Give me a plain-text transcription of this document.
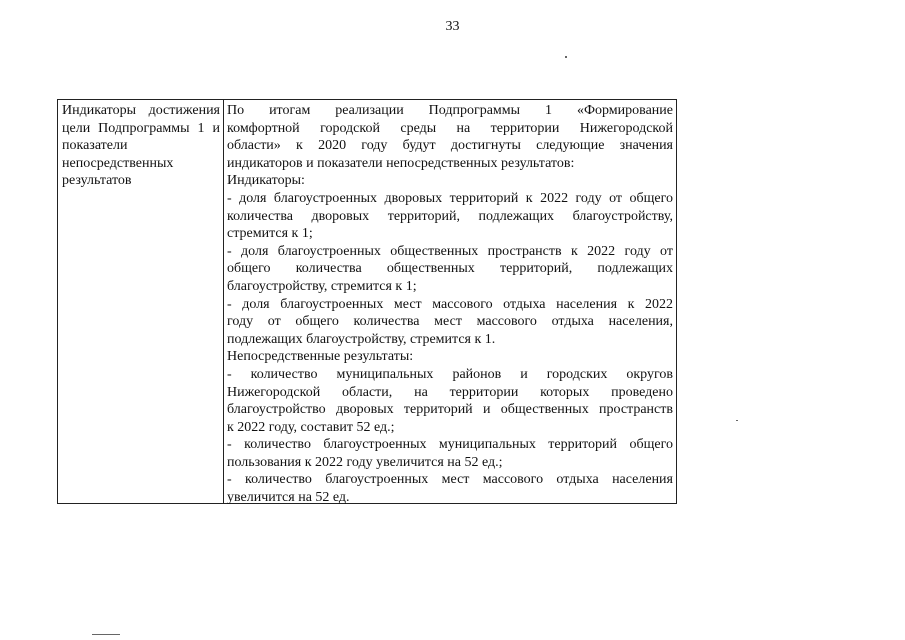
33
Индикаторы достижения
цели Подпрограммы 1 и
показатели
непосредственных
результатов
По итогам реализации Подпрограммы 1 «Формирование
комфортной городской среды на территории Нижегородской
области» к 2020 году будут достигнуты следующие значения
индикаторов и показатели непосредственных результатов:
Индикаторы:
- доля благоустроенных дворовых территорий к 2022 году от общего
количества дворовых территорий, подлежащих благоустройству,
стремится к 1;
- доля благоустроенных общественных пространств к 2022 году от
общего количества общественных территорий, подлежащих
благоустройству, стремится к 1;
- доля благоустроенных мест массового отдыха населения к 2022
году от общего количества мест массового отдыха населения,
подлежащих благоустройству, стремится к 1.
Непосредственные результаты:
- количество муниципальных районов и городских округов
Нижегородской области, на территории которых проведено
благоустройство дворовых территорий и общественных пространств
к 2022 году, составит 52 ед.;
- количество благоустроенных муниципальных территорий общего
пользования к 2022 году увеличится на 52 ед.;
- количество благоустроенных мест массового отдыха населения
увеличится на 52 ед.
